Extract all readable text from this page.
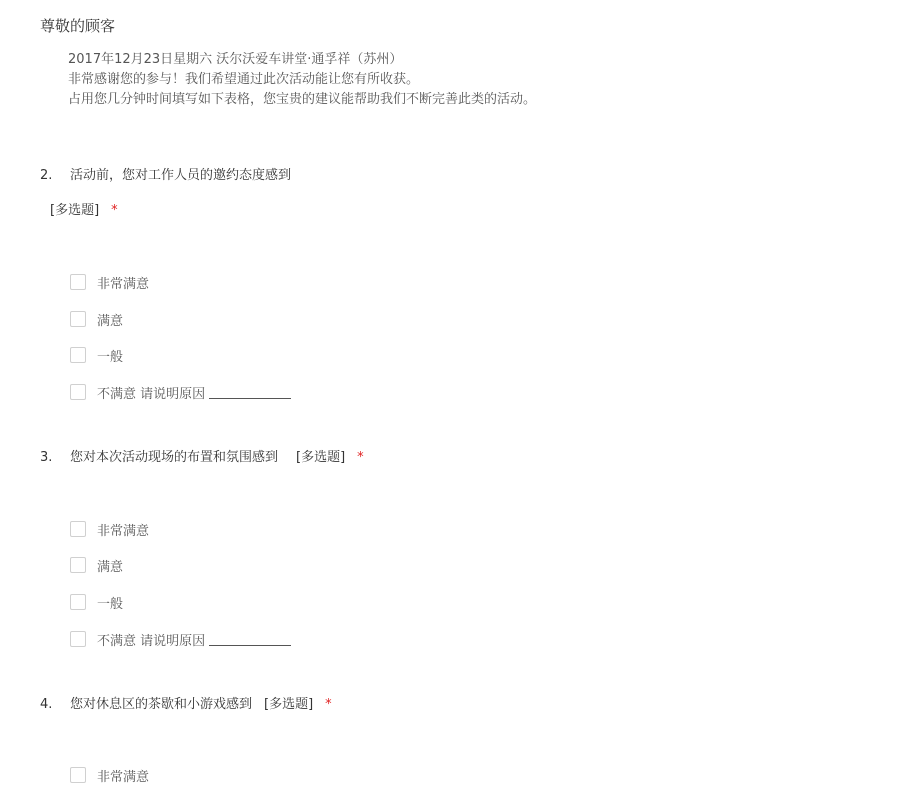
尊敬的顾客
2017年12月23日星期六 沃尔沃爱车讲堂·通孚祥（苏州）
非常感谢您的参与！我们希望通过此次活动能让您有所收获。
占用您几分钟时间填写如下表格，您宝贵的建议能帮助我们不断完善此类的活动。
2. 活动前，您对工作人员的邀约态度感到
[多选题] *
非常满意
满意
一般
不满意 请说明原因
3. 您对本次活动现场的布置和氛围感到 [多选题] *
非常满意
满意
一般
不满意 请说明原因
4. 您对休息区的茶歇和小游戏感到 [多选题] *
非常满意
